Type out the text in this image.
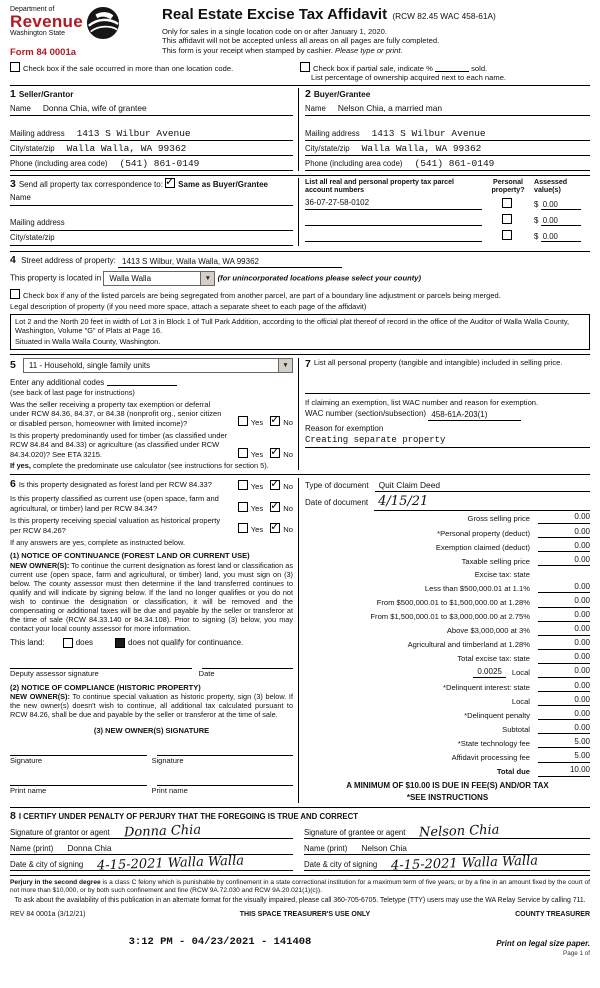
Department of
Revenue
Washington State
Form 84 0001a
Real Estate Excise Tax Affidavit (RCW 82.45 WAC 458-61A)
Only for sales in a single location code on or after January 1, 2020.
This affidavit will not be accepted unless all areas on all pages are fully completed.
This form is your receipt when stamped by cashier. Please type or print.
Check box if the sale occurred in more than one location code.	Check box if partial sale, indicate %	sold.
List percentage of ownership acquired next to each name.
1 Seller/Grantor
Name Donna Chia, wife of grantee
Mailing address 1413 S Wilbur Avenue
City/state/zip Walla Walla, WA 99362
Phone (including area code) (541) 861-0149
2 Buyer/Grantee
Name Nelson Chia, a married man
Mailing address 1413 S Wilbur Avenue
City/state/zip Walla Walla, WA 99362
Phone (including area code) (541) 861-0149
3 Send all property tax correspondence to: ✓ Same as Buyer/Grantee
Name
Mailing address
City/state/zip
List all real and personal property tax parcel account numbers
Personal property?
Assessed value(s)
36-07-27-58-0102	$ 0.00
$ 0.00
$ 0.00
4 Street address of property: 1413 S Wilbur, Walla Walla, WA 99362
This property is located in	Walla Walla	▼ (for unincorporated locations please select your county)
Check box if any of the listed parcels are being segregated from another parcel, are part of a boundary line adjustment or parcels being merged.
Legal description of property (if you need more space, attach a separate sheet to each page of the affidavit)
Lot 2 and the North 20 feet in width of Lot 3 in Block 1 of Tull Park Addition, according to the official plat thereof of record in the office of the Auditor of Walla Walla County, Washington, Volume "G" of Plats at Page 16.
Situated in Walla Walla County, Washington.
5	11 - Household, single family units	▼
Enter any additional codes
(see back of last page for instructions)
Was the seller receiving a property tax exemption or deferral under RCW 84.36, 84.37, or 84.38 (nonprofit org., senior citizen or disabled person, homeowner with limited income)?	Yes ✓	No
Is this property predominantly used for timber (as classified under RCW 84.84 and 84.33) or agriculture (as classified under RCW 84.34.020)? See ETA 3215.	Yes ✓	No
If yes, complete the predominate use calculator (see instructions for section 5).
7 List all personal property (tangible and intangible) included in selling price.
If claiming an exemption, list WAC number and reason for exemption.
WAC number (section/subsection) 458-61A-203(1)
Reason for exemption
Creating separate property
6 Is this property designated as forest land per RCW 84.33?	Yes ✓	No
Is this property classified as current use (open space, farm and agricultural, or timber) land per RCW 84.34?	Yes ✓	No
Is this property receiving special valuation as historical property per RCW 84.26?	Yes ✓	No
If any answers are yes, complete as instructed below.
(1) NOTICE OF CONTINUANCE (FOREST LAND OR CURRENT USE)
NEW OWNER(S): To continue the current designation as forest land or classification as current use (open space, farm and agricultural, or timber) land, you must sign on (3) below. The county assessor must then determine if the land transferred continues to qualify and will indicate by signing below. If the land no longer qualifies or you do not wish to continue the designation or classification, it will be removed and the compensating or additional taxes will be due and payable by the seller or transferor at the time of sale (RCW 84.33.140 or 84.34.108). Prior to signing (3) below, you may contact your local county assessor for more information.
This land:	does	does not qualify for continuance.
Deputy assessor signature	Date
(2) NOTICE OF COMPLIANCE (HISTORIC PROPERTY)
NEW OWNER(S): To continue special valuation as historic property, sign (3) below. If the new owner(s) doesn't wish to continue, all additional tax calculated pursuant to RCW 84.26, shall be due and payable by the seller or transferor at the time of sale.
(3) NEW OWNER(S) SIGNATURE
Signature	Signature
Print name	Print name
Type of document	Quit Claim Deed
Date of document 4/15/21
Gross selling price	0.00
*Personal property (deduct)	0.00
Exemption claimed (deduct)	0.00
Taxable selling price	0.00
Excise tax: state
Less than $500,000.01 at 1.1%	0.00
From $500,000.01 to $1,500,000.00 at 1.28%	0.00
From $1,500,000.01 to $3,000,000.00 at 2.75%	0.00
Above $3,000,000 at 3%	0.00
Agricultural and timberland at 1.28%	0.00
Total excise tax: state	0.00
0.0025	Local	0.00
*Delinquent interest: state	0.00
Local	0.00
*Delinquent penalty	0.00
Subtotal	0.00
*State technology fee	5.00
Affidavit processing fee	5.00
Total due	10.00
A MINIMUM OF $10.00 IS DUE IN FEE(S) AND/OR TAX
*SEE INSTRUCTIONS
8 I CERTIFY UNDER PENALTY OF PERJURY THAT THE FOREGOING IS TRUE AND CORRECT
Signature of grantor or agent Donna Chia
Name (print) Donna Chia
Date & city of signing 4-15-2021 Walla Walla
Signature of grantee or agent Nelson Chia
Name (print) Nelson Chia
Date & city of signing 4-15-2021 Walla Walla
Perjury in the second degree is a class C felony which is punishable by confinement in a state correctional institution for a maximum term of five years, or by a fine in an amount fixed by the court of not more than $10,000, or by both such confinement and fine (RCW 9A.72.030 and RCW 9A.20.021(1)(c)).
To ask about the availability of this publication in an alternate format for the visually impaired, please call 360-705-6705. Teletype (TTY) users may use the WA Relay Service by calling 711.
REV 84 0001a (3/12/21)	THIS SPACE TREASURER'S USE ONLY	COUNTY TREASURER
3:12 PM - 04/23/2021 - 141408	Print on legal size paper.
Page 1 of
